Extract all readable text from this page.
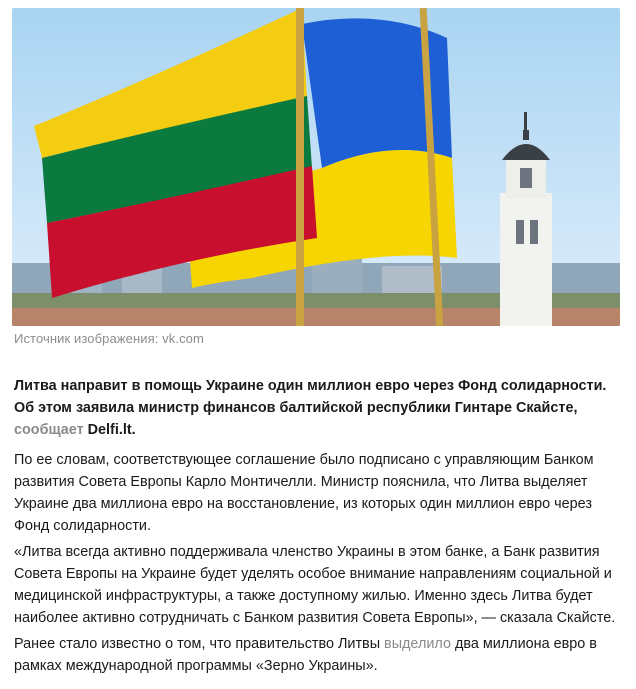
Источник изображения: vk.com

Литва направит в помощь Украине один миллион евро через Фонд солидарности. Об этом заявила министр финансов балтийской республики Гинтаре Скайсте, сообщает Delfi.lt.

По ее словам, соответствующее соглашение было подписано с управляющим Банком развития Совета Европы Карло Монтичелли. Министр пояснила, что Литва выделяет Украине два миллиона евро на восстановление, из которых один миллион евро через Фонд солидарности.

«Литва всегда активно поддерживала членство Украины в этом банке, а Банк развития Совета Европы на Украине будет уделять особое внимание направлениям социальной и медицинской инфраструктуры, а также доступному жилью. Именно здесь Литва будет наиболее активно сотрудничать с Банком развития Совета Европы», — сказала Скайсте.

Ранее стало известно о том, что правительство Литвы выделило два миллиона евро в рамках международной программы «Зерно Украины».
